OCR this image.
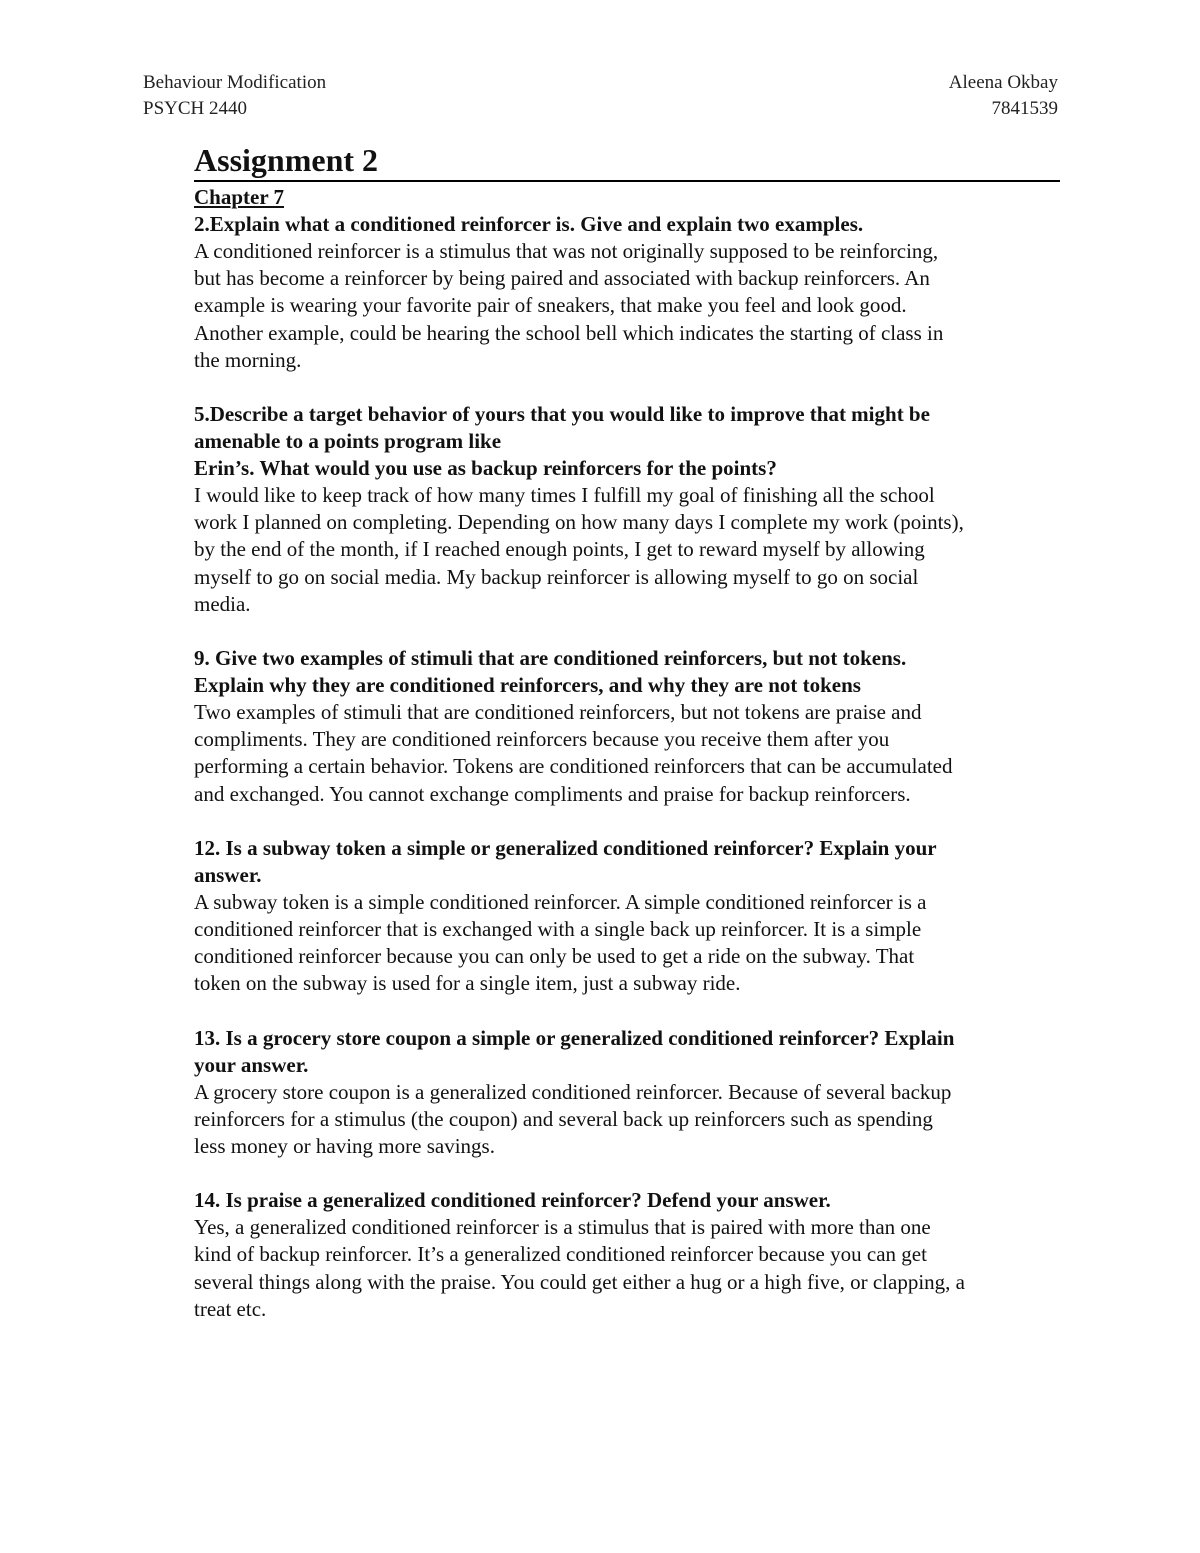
Behaviour Modification
PSYCH 2440
Aleena Okbay
7841539
Assignment 2
Chapter 7
2.Explain what a conditioned reinforcer is. Give and explain two examples.
A conditioned reinforcer is a stimulus that was not originally supposed to be reinforcing,
but has become a reinforcer by being paired and associated with backup reinforcers. An
example is wearing your favorite pair of sneakers, that make you feel and look good.
Another example, could be hearing the school bell which indicates the starting of class in
the morning.
5.Describe a target behavior of yours that you would like to improve that might be
amenable to a points program like
Erin’s. What would you use as backup reinforcers for the points?
I would like to keep track of how many times I fulfill my goal of finishing all the school
work I planned on completing. Depending on how many days I complete my work (points),
by the end of the month, if I reached enough points, I get to reward myself by allowing
myself to go on social media. My backup reinforcer is allowing myself to go on social
media.
9. Give two examples of stimuli that are conditioned reinforcers, but not tokens.
Explain why they are conditioned reinforcers, and why they are not tokens
Two examples of stimuli that are conditioned reinforcers, but not tokens are praise and
compliments. They are conditioned reinforcers because you receive them after you
performing a certain behavior. Tokens are conditioned reinforcers that can be accumulated
and exchanged. You cannot exchange compliments and praise for backup reinforcers.
12. Is a subway token a simple or generalized conditioned reinforcer? Explain your
answer.
A subway token is a simple conditioned reinforcer. A simple conditioned reinforcer is a
conditioned reinforcer that is exchanged with a single back up reinforcer. It is a simple
conditioned reinforcer because you can only be used to get a ride on the subway. That
token on the subway is used for a single item, just a subway ride.
13. Is a grocery store coupon a simple or generalized conditioned reinforcer? Explain
your answer.
A grocery store coupon is a generalized conditioned reinforcer. Because of several backup
reinforcers for a stimulus (the coupon) and several back up reinforcers such as spending
less money or having more savings.
14. Is praise a generalized conditioned reinforcer? Defend your answer.
Yes, a generalized conditioned reinforcer is a stimulus that is paired with more than one
kind of backup reinforcer. It’s a generalized conditioned reinforcer because you can get
several things along with the praise. You could get either a hug or a high five, or clapping, a
treat etc.
